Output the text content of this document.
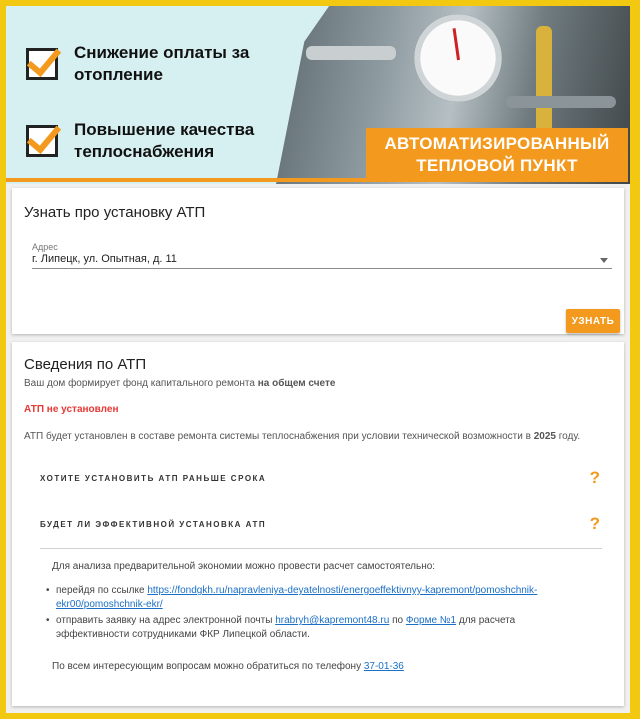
Снижение оплаты за
отопление
Повышение качества
теплоснабжения	АВТОМАТИЗИРОВАННЫЙ
ТЕПЛОВОЙ ПУНКТ
Узнать про установку АТП
Адрес
г. Липецк, ул. Опытная, д. 11
УЗНАТЬ
Сведения по АТП
Ваш дом формирует фонд капитального ремонта на общем счете
АТП не установлен
АТП будет установлен в составе ремонта системы теплоснабжения при условии технической возможности в 2025 году.
ХОТИТЕ УСТАНОВИТЬ АТП РАНЬШЕ СРОКА	?
БУДЕТ ЛИ ЭФФЕКТИВНОЙ УСТАНОВКА АТП	?
Для анализа предварительной экономии можно провести расчет самостоятельно:
• перейдя по ссылке https://fondgkh.ru/napravleniya-deyatelnosti/energoeffektivnyy-kapremont/pomoshchnik-
ekr00/pomoshchnik-ekr/
• отправить заявку на адрес электронной почты hrabryh@kapremont48.ru по Форме №1 для расчета
эффективности сотрудниками ФКР Липецкой области.
По всем интересующим вопросам можно обратиться по телефону 37-01-36
